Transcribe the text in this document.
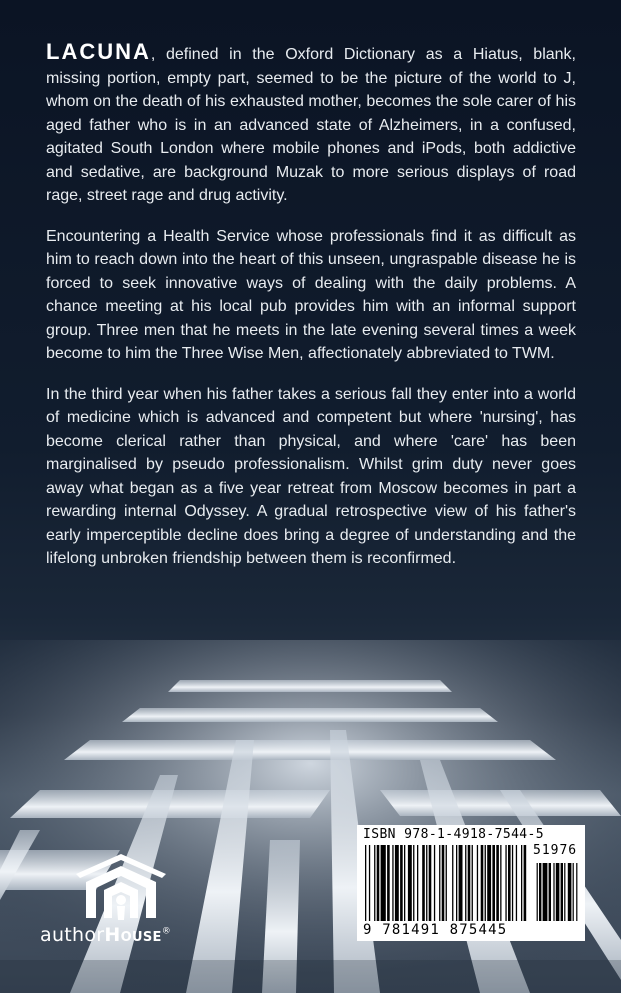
LACUNA, defined in the Oxford Dictionary as a Hiatus, blank, missing portion, empty part, seemed to be the picture of the world to J, whom on the death of his exhausted mother, becomes the sole carer of his aged father who is in an advanced state of Alzheimers, in a confused, agitated South London where mobile phones and iPods, both addictive and sedative, are background Muzak to more serious displays of road rage, street rage and drug activity.

Encountering a Health Service whose professionals find it as difficult as him to reach down into the heart of this unseen, ungraspable disease he is forced to seek innovative ways of dealing with the daily problems. A chance meeting at his local pub provides him with an informal support group. Three men that he meets in the late evening several times a week become to him the Three Wise Men, affectionately abbreviated to TWM.

In the third year when his father takes a serious fall they enter into a world of medicine which is advanced and competent but where 'nursing', has become clerical rather than physical, and where 'care' has been marginalised by pseudo professionalism. Whilst grim duty never goes away what began as a five year retreat from Moscow becomes in part a rewarding internal Odyssey. A gradual retrospective view of his father's early imperceptible decline does bring a degree of understanding and the lifelong unbroken friendship between them is reconfirmed.

authorHouse®
ISBN 978-1-4918-7544-5
51976
9 781491 875445
